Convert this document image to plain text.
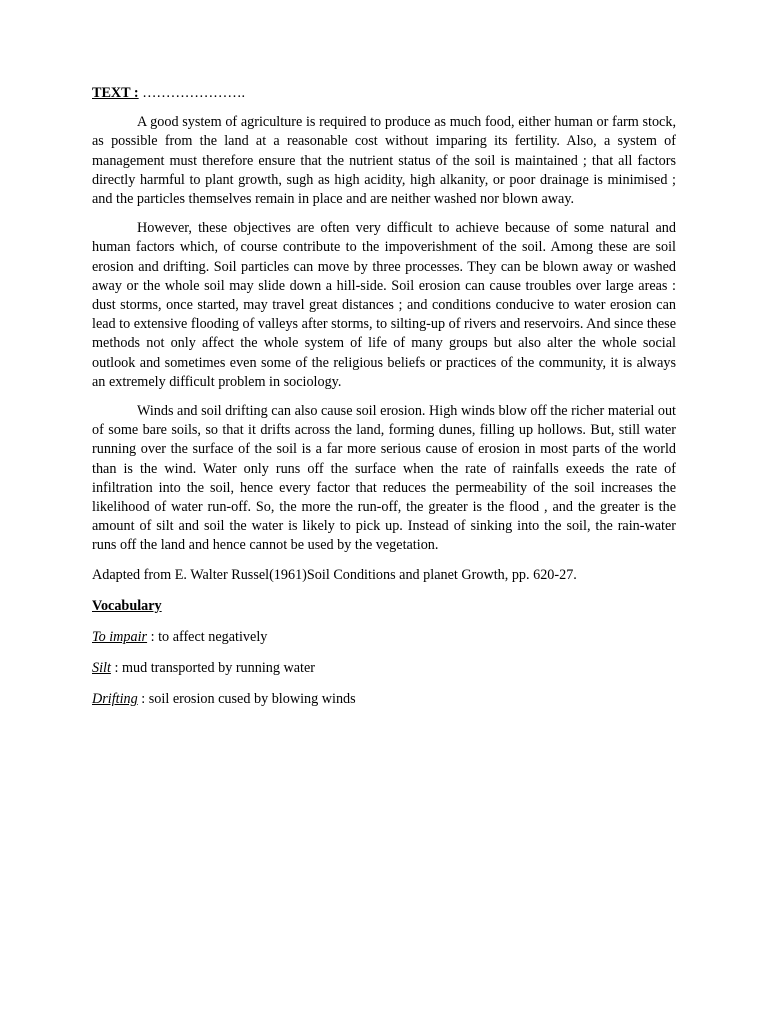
TEXT : ………………….

A good system of agriculture is required to produce as much food, either human or farm stock, as possible from the land at a reasonable cost without imparing its fertility. Also, a system of management must therefore ensure that the nutrient status of the soil is maintained ; that all factors directly harmful to plant growth, sugh as high acidity, high alkanity, or poor drainage is minimised ; and the particles themselves remain in place and are neither washed nor blown away.

However, these objectives are often very difficult to achieve because of some natural and human factors which, of course contribute to the impoverishment of the soil. Among these are soil erosion and drifting. Soil particles can move by three processes. They can be blown away or washed away or the whole soil may slide down a hill-side. Soil erosion can cause troubles over large areas : dust storms, once started, may travel great distances ; and conditions conducive to water erosion can lead to extensive flooding of valleys after storms, to silting-up of rivers and reservoirs. And since these methods not only affect the whole system of life of many groups but also alter the whole social outlook and sometimes even some of the religious beliefs or practices of the community, it is always an extremely difficult problem in sociology.

Winds and soil drifting can also cause soil erosion. High winds blow off the richer material out of some bare soils, so that it drifts across the land, forming dunes, filling up hollows. But, still water running over the surface of the soil is a far more serious cause of erosion in most parts of the world than is the wind. Water only runs off the surface when the rate of rainfalls exeeds the rate of infiltration into the soil, hence every factor that reduces the permeability of the soil increases the likelihood of water run-off. So, the more the run-off, the greater is the flood , and the greater is the amount of silt and soil the water is likely to pick up. Instead of sinking into the soil, the rain-water runs off the land and hence cannot be used by the vegetation.

Adapted from E. Walter Russel(1961)Soil Conditions and planet Growth, pp. 620-27.

Vocabulary

To impair : to affect negatively

Silt : mud transported by running water

Drifting : soil erosion cused by blowing winds
